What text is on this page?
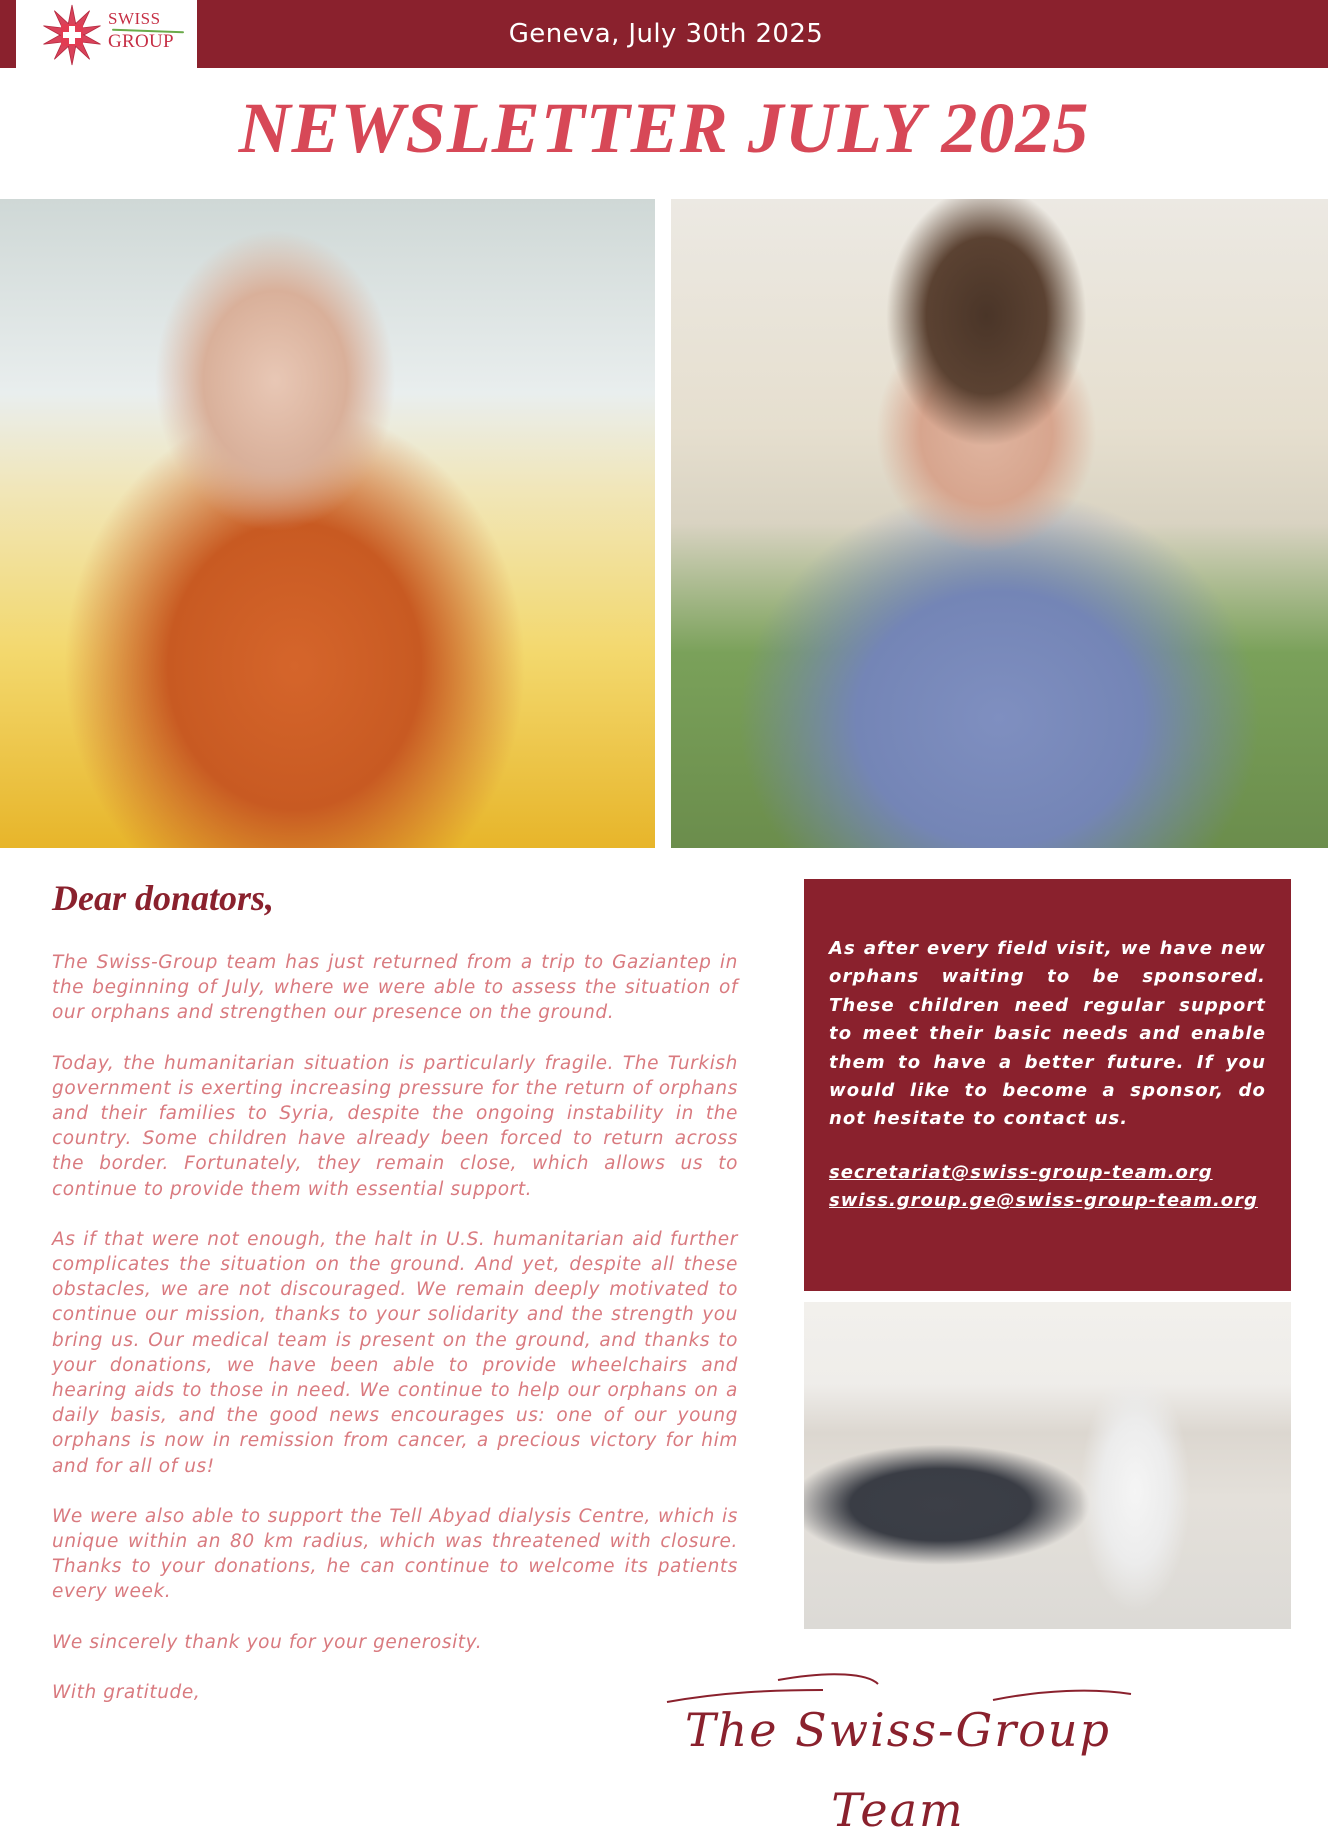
Geneva, July 30th 2025
SWISS
GROUP
NEWSLETTER JULY 2025
Dear donators,

The Swiss-Group team has just returned from a trip to Gaziantep in the beginning of July, where we were able to assess the situation of our orphans and strengthen our presence on the ground.

Today, the humanitarian situation is particularly fragile. The Turkish government is exerting increasing pressure for the return of orphans and their families to Syria, despite the ongoing instability in the country. Some children have already been forced to return across the border. Fortunately, they remain close, which allows us to continue to provide them with essential support.

As if that were not enough, the halt in U.S. humanitarian aid further complicates the situation on the ground. And yet, despite all these obstacles, we are not discouraged. We remain deeply motivated to continue our mission, thanks to your solidarity and the strength you bring us. Our medical team is present on the ground, and thanks to your donations, we have been able to provide wheelchairs and hearing aids to those in need. We continue to help our orphans on a daily basis, and the good news encourages us: one of our young orphans is now in remission from cancer, a precious victory for him and for all of us!

We were also able to support the Tell Abyad dialysis Centre, which is unique within an 80 km radius, which was threatened with closure. Thanks to your donations, he can continue to welcome its patients every week.

We sincerely thank you for your generosity.

With gratitude,

As after every field visit, we have new orphans waiting to be sponsored. These children need regular support to meet their basic needs and enable them to have a better future. If you would like to become a sponsor, do not hesitate to contact us.

secretariat@swiss-group-team.org
swiss.group.ge@swiss-group-team.org
The Swiss-Group Team
